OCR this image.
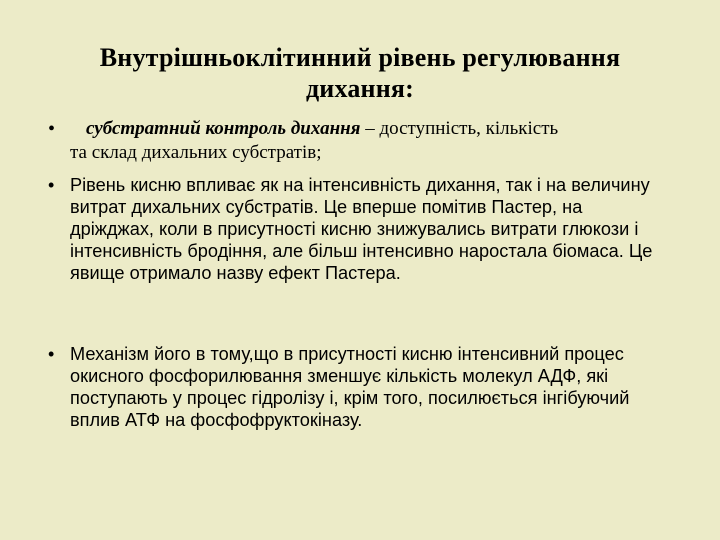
Внутрішньоклітинний рівень регулювання
дихання:
•	субстратний контроль дихання – доступність, кількість
та склад дихальних субстратів;
• Рівень кисню впливає як на інтенсивність дихання, так і на величину витрат дихальних субстратів. Це вперше помітив Пастер, на дріжджах, коли в присутності кисню знижувались витрати глюкози і інтенсивність бродіння, але більш інтенсивно наростала біомаса. Це явище отримало назву ефект Пастера.
• Механізм його в тому,що в присутності кисню інтенсивний процес окисного фосфорилювання зменшує кількість молекул АДФ, які поступають у процес гідролізу і, крім того, посилюється інгібуючий вплив АТФ на фосфофруктокіназу.
